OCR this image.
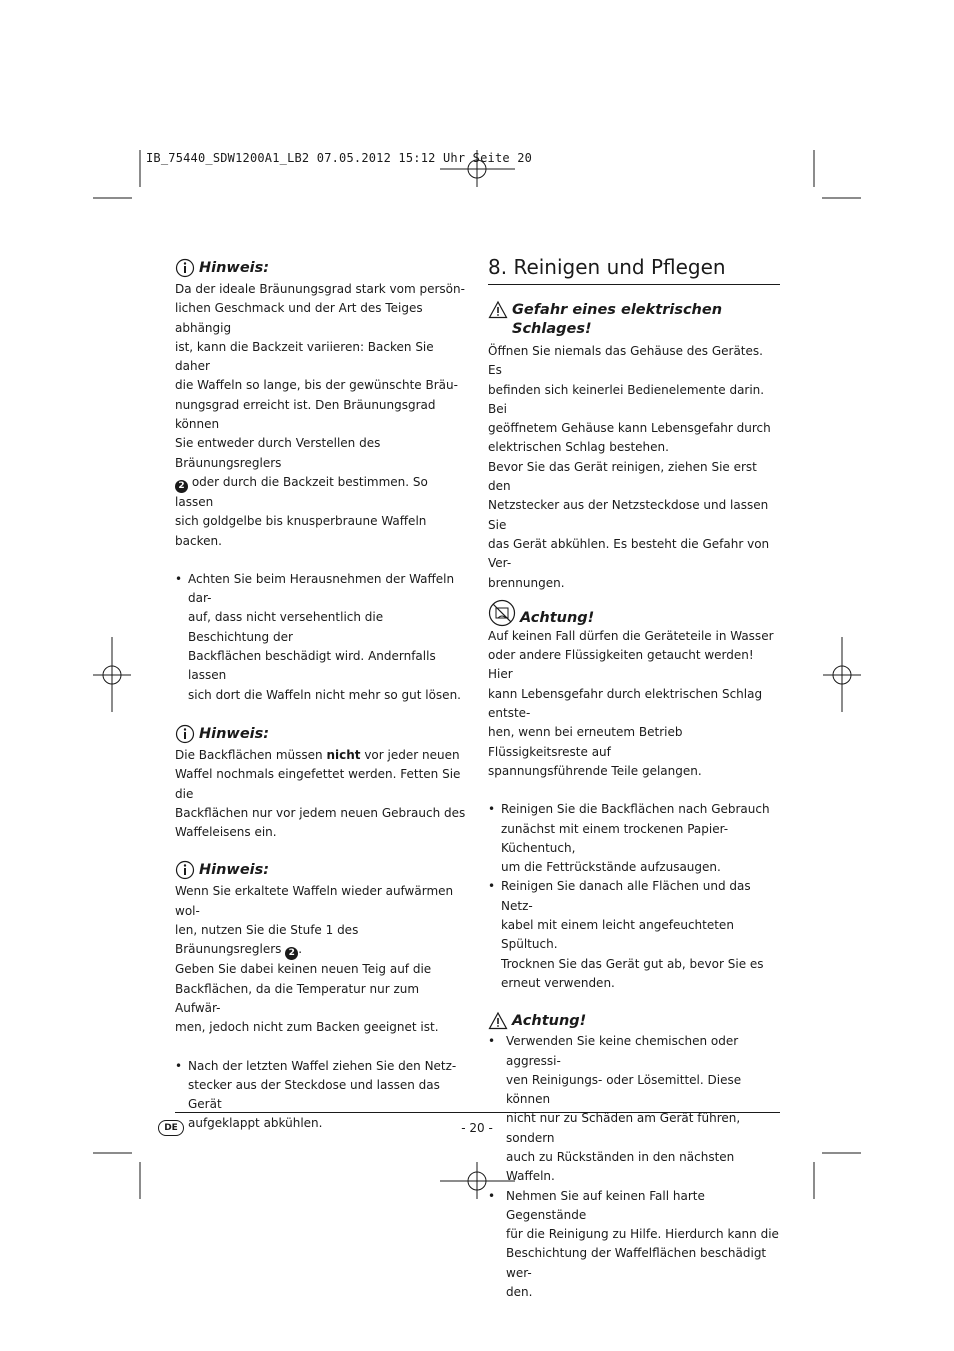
IB_75440_SDW1200A1_LB2 07.05.2012 15:12 Uhr Seite 20
Hinweis:

Da der ideale Bräunungsgrad stark vom persön-
lichen Geschmack und der Art des Teiges abhängig
ist, kann die Backzeit variieren: Backen Sie daher
die Waffeln so lange, bis der gewünschte Bräu-
nungsgrad erreicht ist. Den Bräunungsgrad können
Sie entweder durch Verstellen des Bräunungsreglers
2 oder durch die Backzeit bestimmen. So lassen
sich goldgelbe bis knusperbraune Waffeln backen.

• Achten Sie beim Herausnehmen der Waffeln dar-
auf, dass nicht versehentlich die Beschichtung der
Backflächen beschädigt wird. Andernfalls lassen
sich dort die Waffeln nicht mehr so gut lösen.
Hinweis:

Die Backflächen müssen nicht vor jeder neuen
Waffel nochmals eingefettet werden. Fetten Sie die
Backflächen nur vor jedem neuen Gebrauch des
Waffeleisens ein.

Hinweis:

Wenn Sie erkaltete Waffeln wieder aufwärmen wol-
len, nutzen Sie die Stufe 1 des Bräunungsreglers 2 .
Geben Sie dabei keinen neuen Teig auf die
Backflächen, da die Temperatur nur zum Aufwär-
men, jedoch nicht zum Backen geeignet ist.

• Nach der letzten Waffel ziehen Sie den Netz-
stecker aus der Steckdose und lassen das Gerät
aufgeklappt abkühlen.
8. Reinigen und Pflegen
Gefahr eines elektrischen
Schlages!

Öffnen Sie niemals das Gehäuse des Gerätes. Es
befinden sich keinerlei Bedienelemente darin. Bei
geöffnetem Gehäuse kann Lebensgefahr durch
elektrischen Schlag bestehen.

Bevor Sie das Gerät reinigen, ziehen Sie erst den
Netzstecker aus der Netzsteckdose und lassen Sie
das Gerät abkühlen. Es besteht die Gefahr von Ver-
brennungen.

Achtung!

Auf keinen Fall dürfen die Geräteteile in Wasser
oder andere Flüssigkeiten getaucht werden! Hier
kann Lebensgefahr durch elektrischen Schlag entste-
hen, wenn bei erneutem Betrieb Flüssigkeitsreste auf
spannungsführende Teile gelangen.

• Reinigen Sie die Backflächen nach Gebrauch
zunächst mit einem trockenen Papier-Küchentuch,
um die Fettrückstände aufzusaugen.
• Reinigen Sie danach alle Flächen und das Netz-
kabel mit einem leicht angefeuchteten Spültuch.
Trocknen Sie das Gerät gut ab, bevor Sie es
erneut verwenden.
Achtung!
• Verwenden Sie keine chemischen oder aggressi-
ven Reinigungs- oder Lösemittel. Diese können
nicht nur zu Schäden am Gerät führen, sondern
auch zu Rückständen in den nächsten Waffeln.
• Nehmen Sie auf keinen Fall harte Gegenstände
für die Reinigung zu Hilfe. Hierdurch kann die
Beschichtung der Waffelflächen beschädigt wer-
den.
DE	- 20 -
